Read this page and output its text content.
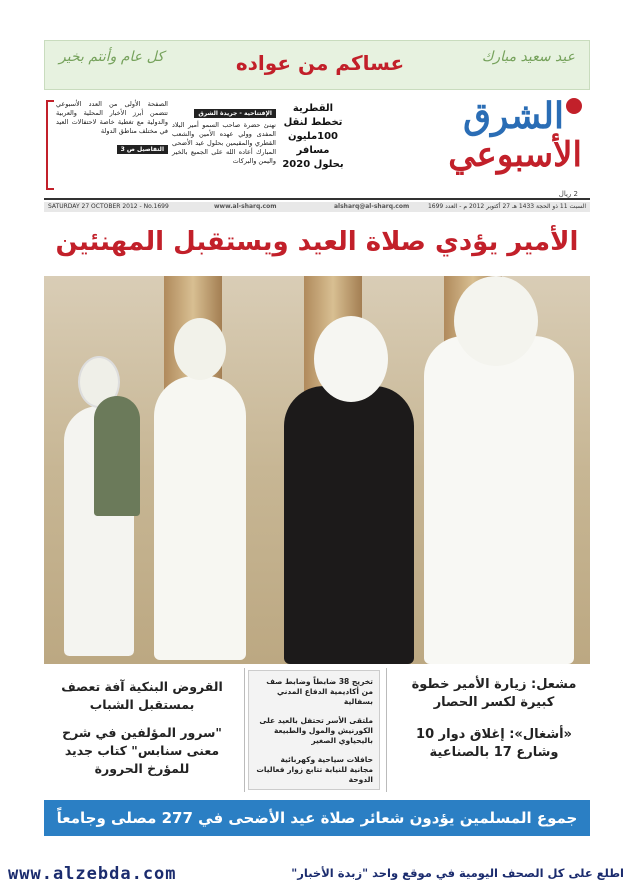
كل عام وأنتم بخير	عساكم من عواده	عيد سعيد مبارك
الشرق
الأسبوعي
2 ريال
القطرية تخطط لنقل 100مليون مسافر بحلول 2020
الإفتتاحية - جريدة الشرق
نهنئ حضرة صاحب السمو أمير البلاد المفدى وولي عهده الأمين والشعب القطري والمقيمين بحلول عيد الأضحى المبارك أعاده الله على الجميع بالخير واليمن والبركات
الصفحة الأولى من العدد الأسبوعي تتضمن أبرز الأخبار المحلية والعربية والدولية مع تغطية خاصة لاحتفالات العيد في مختلف مناطق الدولة
التفاصيل ص 3
SATURDAY 27 OCTOBER 2012 - No.1699	www.al-sharq.com	alsharq@al-sharq.com	السبت 11 ذو الحجة 1433 هـ 27 أكتوبر 2012 م - العدد 1699
الأمير يؤدي صلاة العيد ويستقبل المهنئين
مشعل: زيارة الأمير خطوة كبيرة لكسر الحصار
«أشغال»: إغلاق دوار 10 وشارع 17 بالصناعية
تخريج 38 ضابطاً وضابط صف من أكاديمية الدفاع المدني بسفالية
ملتقى الأسر تحتفل بالعيد على الكورنيش والمول والطبيعة باليحياوي الصغير
حافلات سياحية وكهربائية مجانية للنيابة تتابع زوار فعاليات الدوحة
القروض البنكية آفة تعصف بمستقبل الشباب
"سرور المؤلفين في شرح معنى سنابس" كتاب جديد للمؤرخ الحرورة
جموع المسلمين يؤدون شعائر صلاة عيد الأضحى في 277 مصلى وجامعاً
www.alzebda.com	اطلع على كل الصحف اليومية في موقع واحد "زبدة الأخبار"
